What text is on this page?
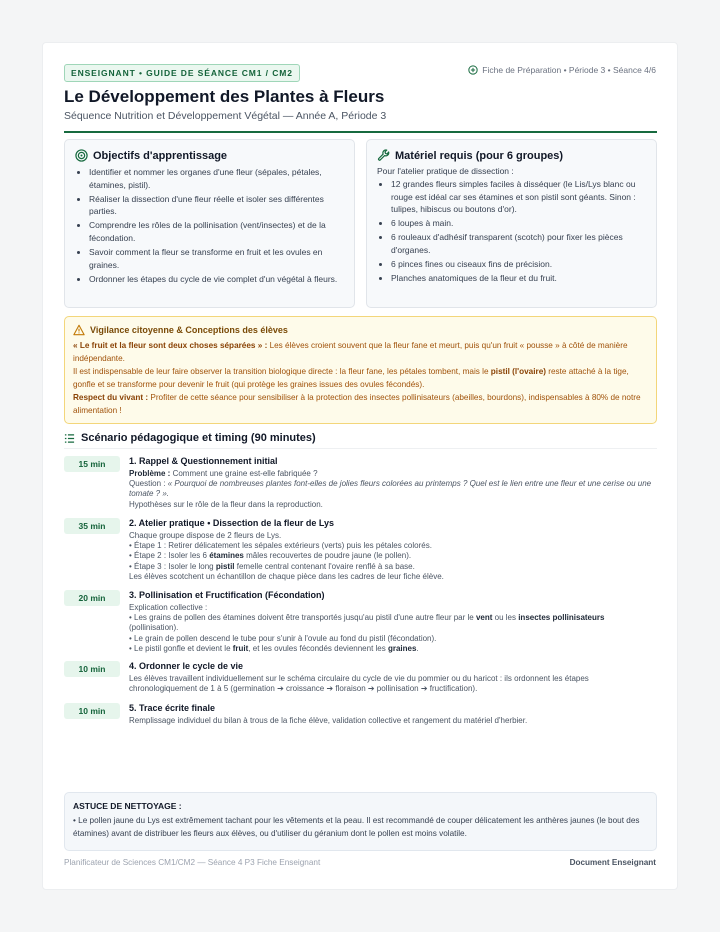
ENSEIGNANT • GUIDE DE SÉANCE CM1 / CM2	Fiche de Préparation • Période 3 • Séance 4/6
Le Développement des Plantes à Fleurs
Séquence Nutrition et Développement Végétal — Année A, Période 3
Objectifs d'apprentissage
• Identifier et nommer les organes d'une fleur (sépales, pétales, étamines, pistil).
• Réaliser la dissection d'une fleur réelle et isoler ses différentes parties.
• Comprendre les rôles de la pollinisation (vent/insectes) et de la fécondation.
• Savoir comment la fleur se transforme en fruit et les ovules en graines.
• Ordonner les étapes du cycle de vie complet d'un végétal à fleurs.
Matériel requis (pour 6 groupes)

Pour l'atelier pratique de dissection :

• 12 grandes fleurs simples faciles à disséquer (le Lis/Lys blanc ou rouge est idéal car ses étamines et son pistil sont géants. Sinon : tulipes, hibiscus ou boutons d'or).
• 6 loupes à main.
• 6 rouleaux d'adhésif transparent (scotch) pour fixer les pièces d'organes.
• 6 pinces fines ou ciseaux fins de précision.
• Planches anatomiques de la fleur et du fruit.
Vigilance citoyenne & Conceptions des élèves

« Le fruit et la fleur sont deux choses séparées » : Les élèves croient souvent que la fleur fane et meurt, puis qu'un fruit « pousse » à côté de manière indépendante.

Il est indispensable de leur faire observer la transition biologique directe : la fleur fane, les pétales tombent, mais le pistil (l'ovaire) reste attaché à la tige, gonfle et se transforme pour devenir le fruit (qui protège les graines issues des ovules fécondés).

Respect du vivant : Profiter de cette séance pour sensibiliser à la protection des insectes pollinisateurs (abeilles, bourdons), indispensables à 80% de notre alimentation !

Scénario pédagogique et timing (90 minutes)
15 min	1. Rappel & Questionnement initial
Problème : Comment une graine est-elle fabriquée ?
Question : « Pourquoi de nombreuses plantes font-elles de jolies fleurs colorées au printemps ? Quel est le lien entre une fleur et une cerise ou une tomate ? ».
Hypothèses sur le rôle de la fleur dans la reproduction.
35 min	2. Atelier pratique • Dissection de la fleur de Lys
Chaque groupe dispose de 2 fleurs de Lys.
• Étape 1 : Retirer délicatement les sépales extérieurs (verts) puis les pétales colorés.
• Étape 2 : Isoler les 6 étamines mâles recouvertes de poudre jaune (le pollen).
• Étape 3 : Isoler le long pistil femelle central contenant l'ovaire renflé à sa base.
Les élèves scotchent un échantillon de chaque pièce dans les cadres de leur fiche élève.
20 min	3. Pollinisation et Fructification (Fécondation)
Explication collective :
• Les grains de pollen des étamines doivent être transportés jusqu'au pistil d'une autre fleur par le vent ou les insectes pollinisateurs
(pollinisation).
• Le grain de pollen descend le tube pour s'unir à l'ovule au fond du pistil (fécondation).
• Le pistil gonfle et devient le fruit, et les ovules fécondés deviennent les graines.
10 min	4. Ordonner le cycle de vie
Les élèves travaillent individuellement sur le schéma circulaire du cycle de vie du pommier ou du haricot : ils ordonnent les étapes
chronologiquement de 1 à 5 (germination ➔ croissance ➔ floraison ➔ pollinisation ➔ fructification).
10 min	5. Trace écrite finale
Remplissage individuel du bilan à trous de la fiche élève, validation collective et rangement du matériel d'herbier.
ASTUCE DE NETTOYAGE :

• Le pollen jaune du Lys est extrêmement tachant pour les vêtements et la peau. Il est recommandé de couper délicatement les anthères jaunes (le bout des étamines) avant de distribuer les fleurs aux élèves, ou d'utiliser du géranium dont le pollen est moins volatile.

Planificateur de Sciences CM1/CM2 — Séance 4 P3 Fiche Enseignant	Document Enseignant
